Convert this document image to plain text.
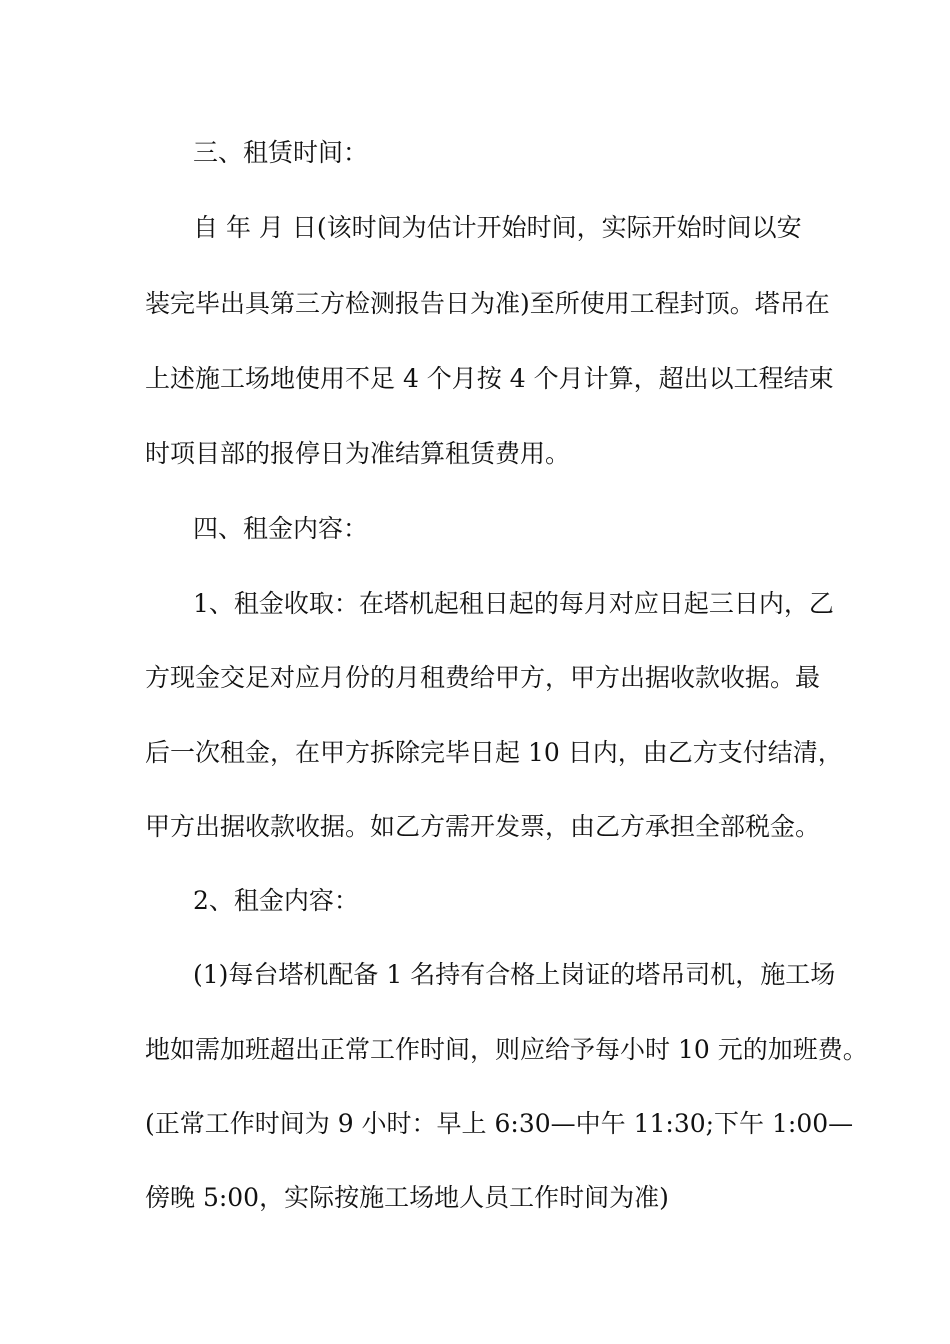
三、租赁时间：
自 年 月 日(该时间为估计开始时间，实际开始时间以安
装完毕出具第三方检测报告日为准)至所使用工程封顶。塔吊在
上述施工场地使用不足 4 个月按 4 个月计算，超出以工程结束
时项目部的报停日为准结算租赁费用。
四、租金内容：
1、租金收取：在塔机起租日起的每月对应日起三日内，乙
方现金交足对应月份的月租费给甲方，甲方出据收款收据。最
后一次租金，在甲方拆除完毕日起 10 日内，由乙方支付结清，
甲方出据收款收据。如乙方需开发票，由乙方承担全部税金。
2、租金内容：
(1)每台塔机配备 1 名持有合格上岗证的塔吊司机，施工场
地如需加班超出正常工作时间，则应给予每小时 10 元的加班费。
(正常工作时间为 9 小时：早上 6:30—中午 11:30;下午 1:00—
傍晚 5:00，实际按施工场地人员工作时间为准)
